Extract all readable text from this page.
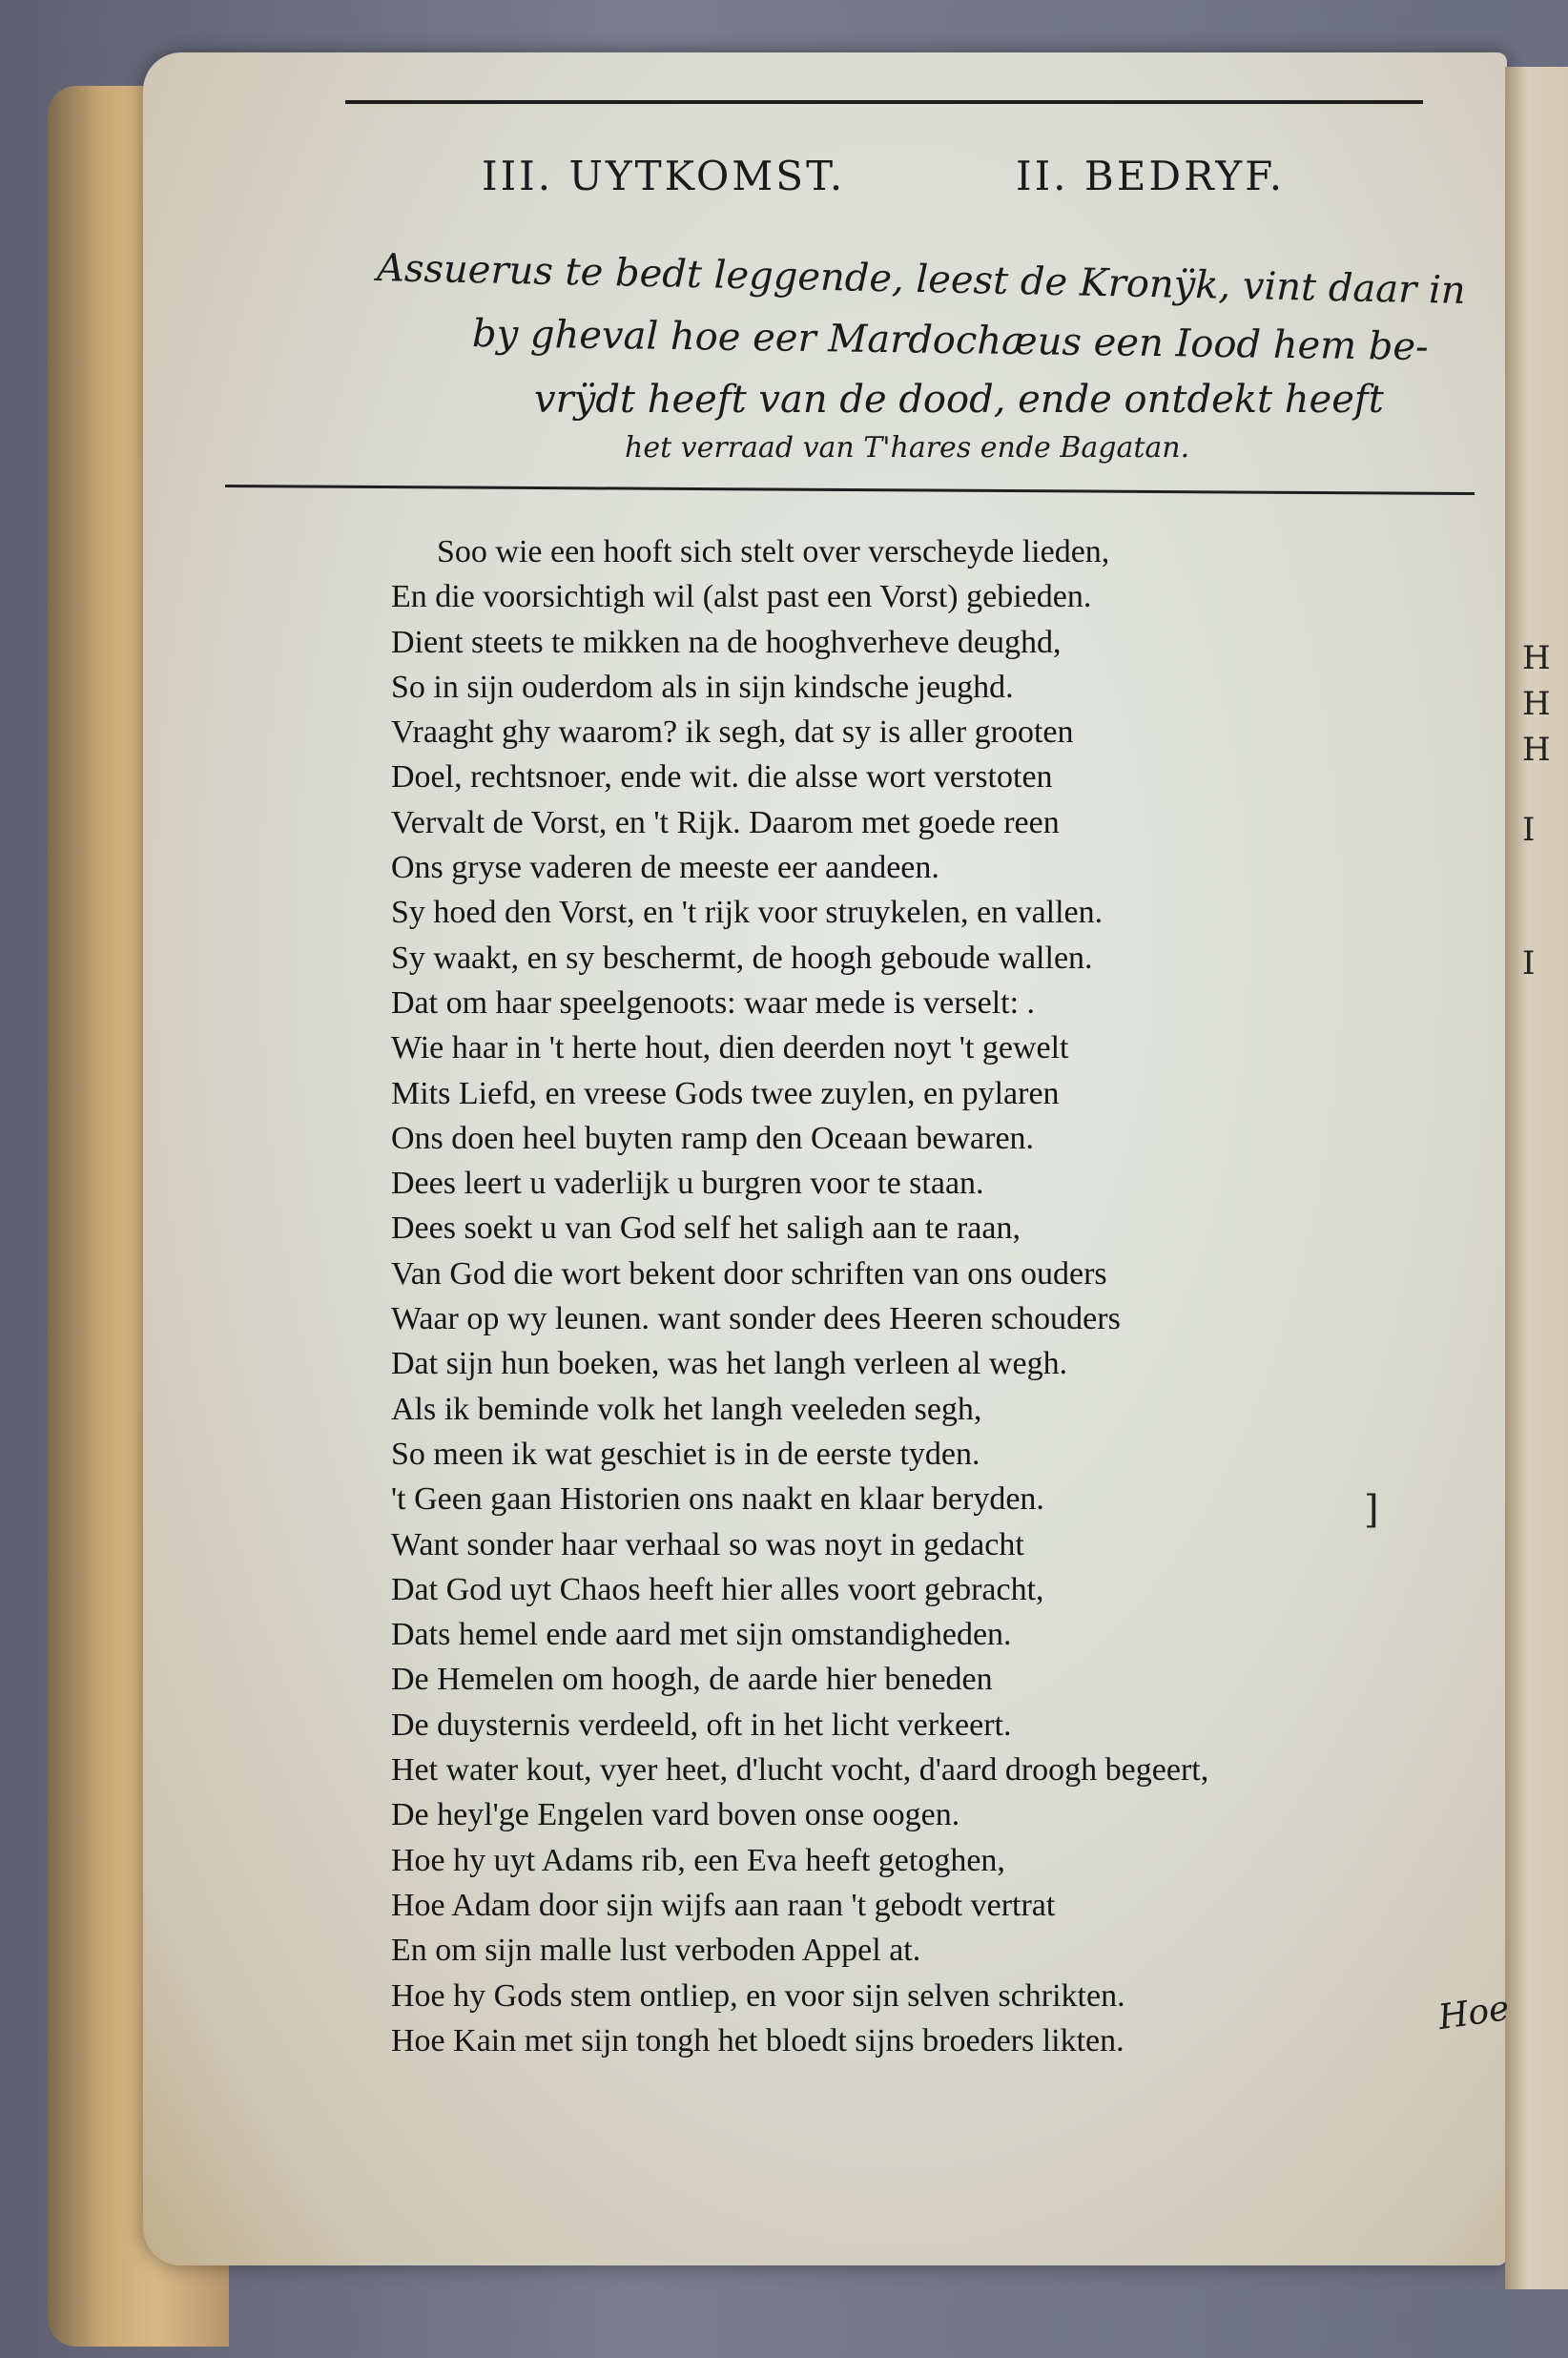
H
H
H
I
I
III. UYTKOMST.	II. BEDRYF.
Assuerus te bedt leggende, leest de Kronÿk, vint daar in
by gheval hoe eer Mardochæus een Iood hem be-
vrÿdt heeft van de dood, ende ontdekt heeft
het verraad van T'hares ende Bagatan.
Soo wie een hooft sich stelt over verscheyde lieden,
En die voorsichtigh wil (alst past een Vorst) gebieden.
Dient steets te mikken na de hooghverheve deughd,
So in sijn ouderdom als in sijn kindsche jeughd.
Vraaght ghy waarom? ik segh, dat sy is aller grooten
Doel, rechtsnoer, ende wit. die alsse wort verstoten
Vervalt de Vorst, en 't Rijk. Daarom met goede reen
Ons gryse vaderen de meeste eer aandeen.
Sy hoed den Vorst, en 't rijk voor struykelen, en vallen.
Sy waakt, en sy beschermt, de hoogh geboude wallen.
Dat om haar speelgenoots: waar mede is verselt: .
Wie haar in 't herte hout, dien deerden noyt 't gewelt
Mits Liefd, en vreese Gods twee zuylen, en pylaren
Ons doen heel buyten ramp den Oceaan bewaren.
Dees leert u vaderlijk u burgren voor te staan.
Dees soekt u van God self het saligh aan te raan,
Van God die wort bekent door schriften van ons ouders
Waar op wy leunen. want sonder dees Heeren schouders
Dat sijn hun boeken, was het langh verleen al wegh.
Als ik beminde volk het langh veeleden segh,
So meen ik wat geschiet is in de eerste tyden.
't Geen gaan Historien ons naakt en klaar beryden.
Want sonder haar verhaal so was noyt in gedacht
Dat God uyt Chaos heeft hier alles voort gebracht,
Dats hemel ende aard met sijn omstandigheden.
De Hemelen om hoogh, de aarde hier beneden
De duysternis verdeeld, oft in het licht verkeert.
Het water kout, vyer heet, d'lucht vocht, d'aard droogh begeert,
De heyl'ge Engelen vard boven onse oogen.
Hoe hy uyt Adams rib, een Eva heeft getoghen,
Hoe Adam door sijn wijfs aan raan 't gebodt vertrat
En om sijn malle lust verboden Appel at.
Hoe hy Gods stem ontliep, en voor sijn selven schrikten.
Hoe Kain met sijn tongh het bloedt sijns broeders likten.
]
Hoe
